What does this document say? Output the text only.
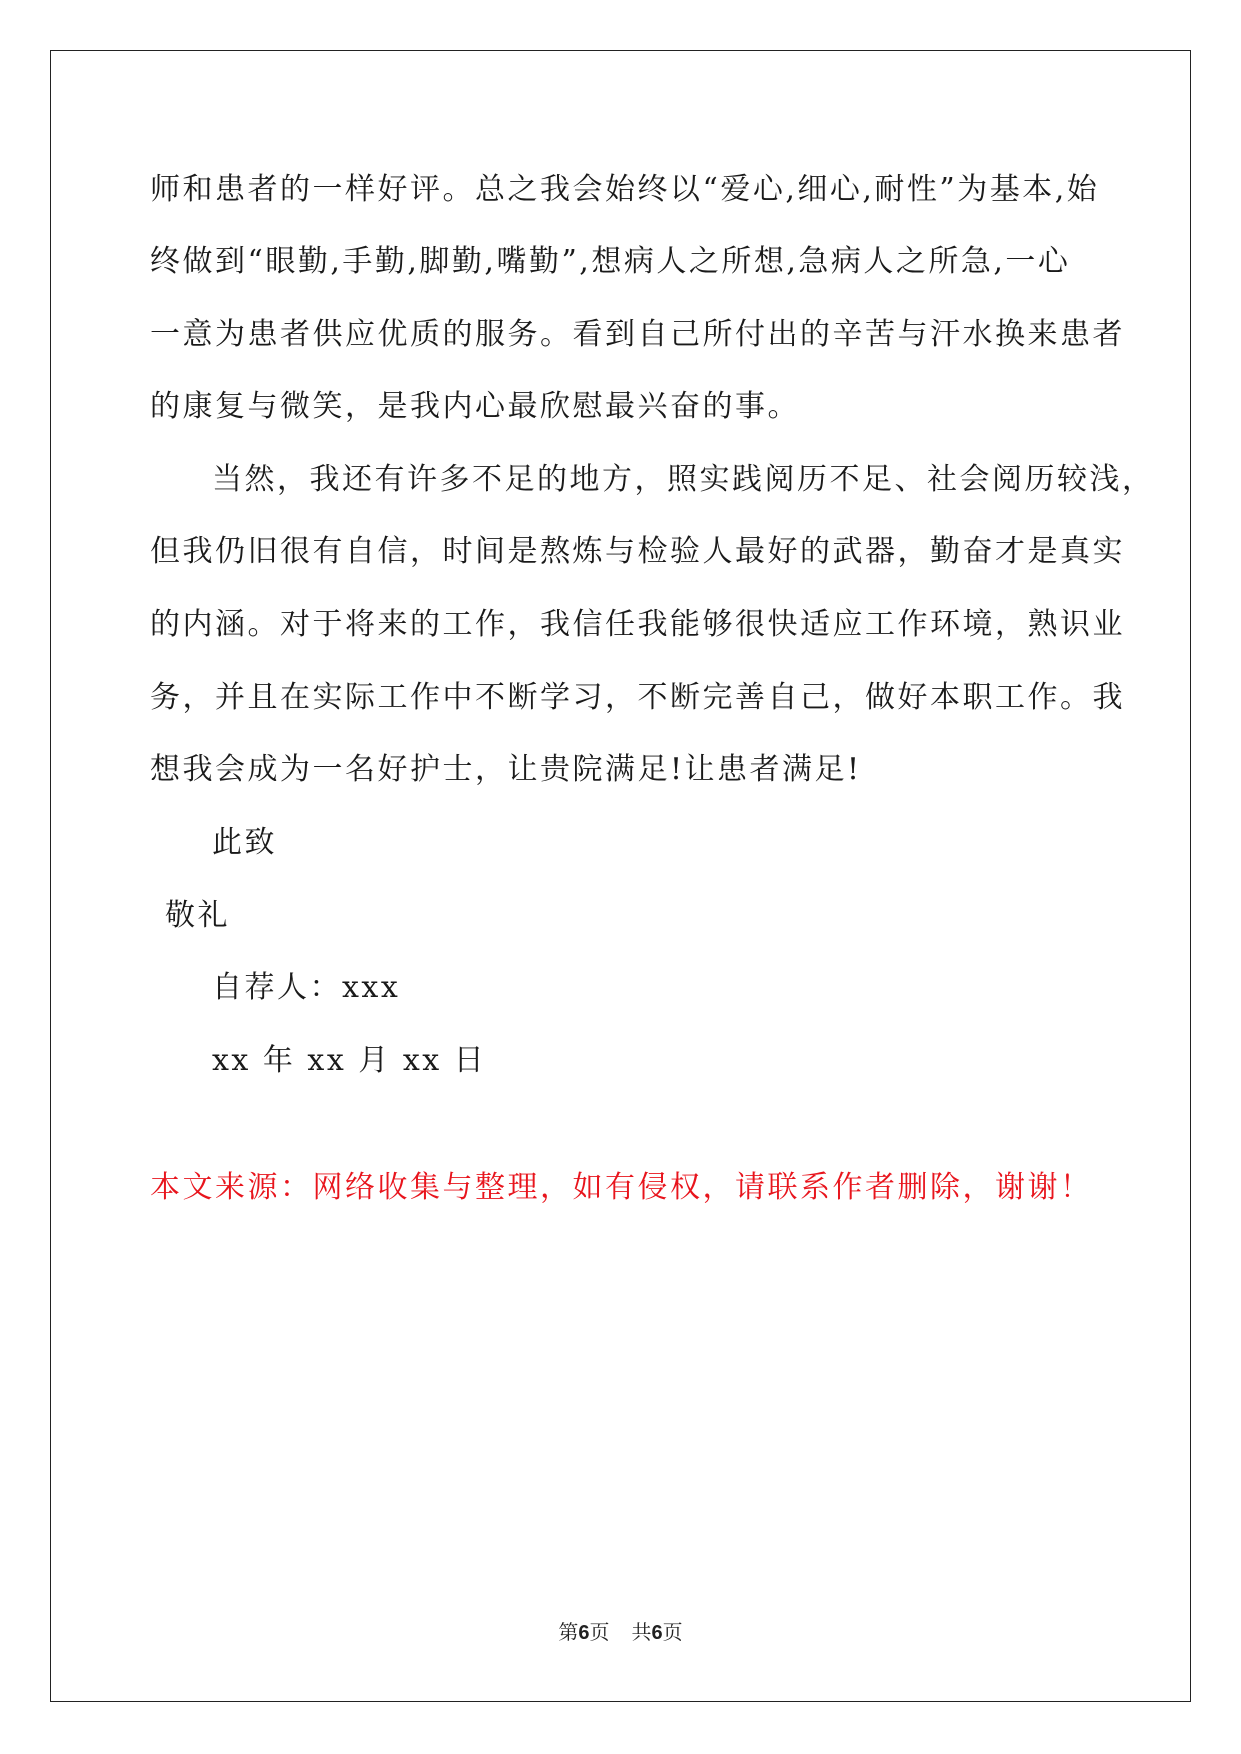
师和患者的一样好评。总之我会始终以“爱心,细心,耐性”为基本,始
终做到“眼勤,手勤,脚勤,嘴勤”,想病人之所想,急病人之所急,一心
一意为患者供应优质的服务。看到自己所付出的辛苦与汗水换来患者
的康复与微笑，是我内心最欣慰最兴奋的事。
当然，我还有许多不足的地方，照实践阅历不足、社会阅历较浅，
但我仍旧很有自信，时间是熬炼与检验人最好的武器，勤奋才是真实
的内涵。对于将来的工作，我信任我能够很快适应工作环境，熟识业
务，并且在实际工作中不断学习，不断完善自己，做好本职工作。我
想我会成为一名好护士，让贵院满足!让患者满足!
此致
敬礼
自荐人：xxx
xx 年 xx 月 xx 日
本文来源：网络收集与整理，如有侵权，请联系作者删除，谢谢！
第6页 共6页
